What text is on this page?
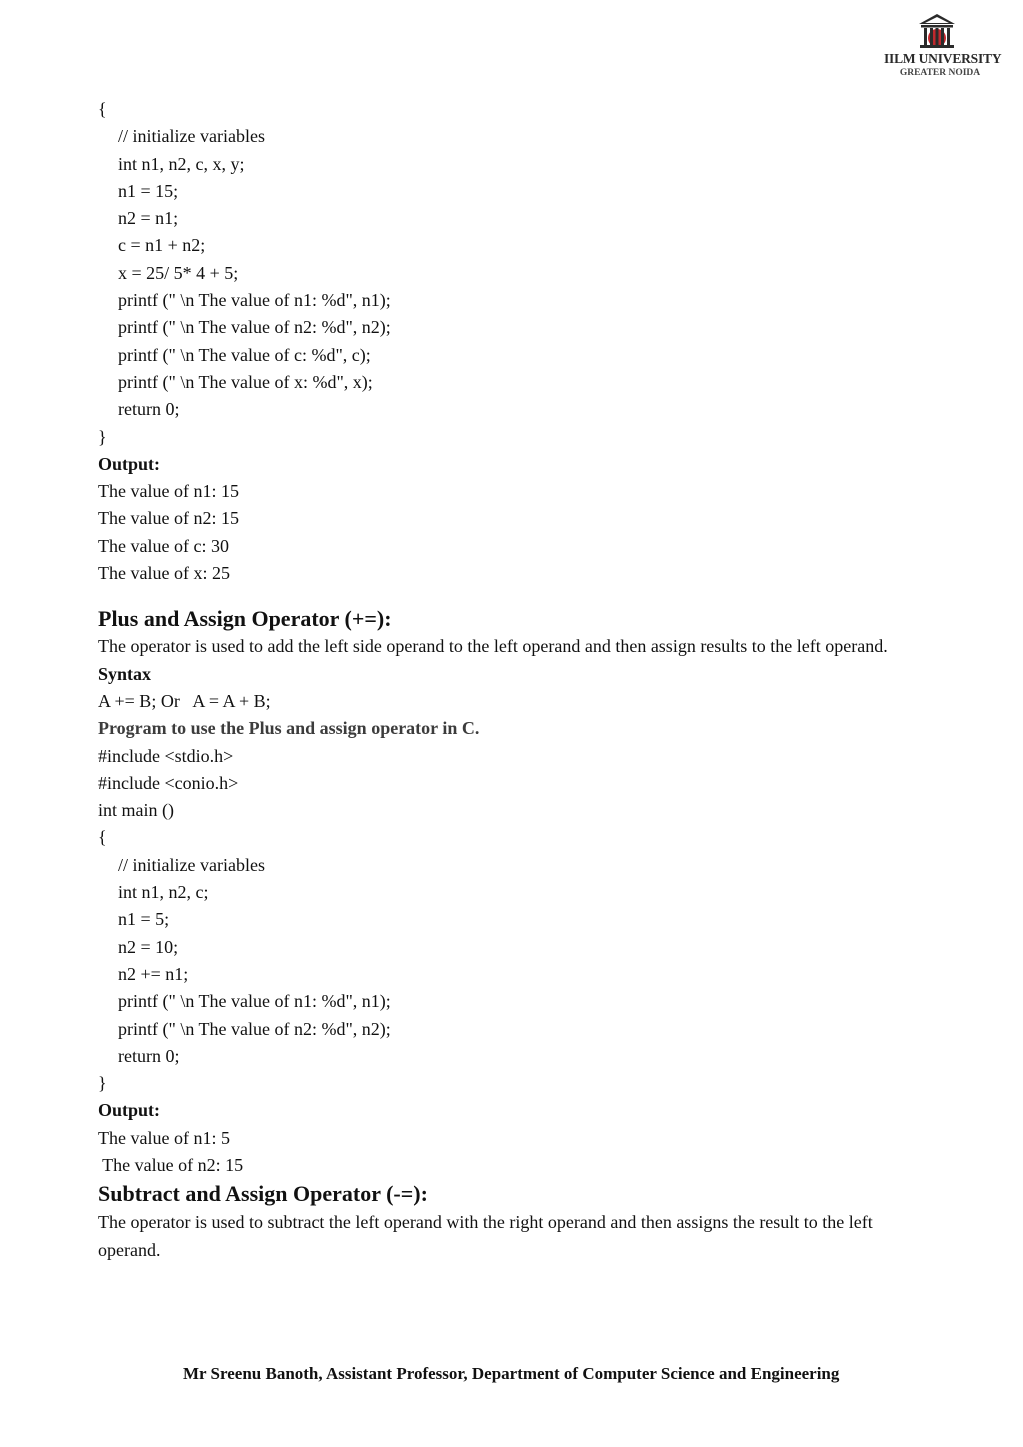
IILM UNIVERSITY
GREATER NOIDA
{
// initialize variables
int n1, n2, c, x, y;
n1 = 15;
n2 = n1;
c = n1 + n2;
x = 25/ 5* 4 + 5;
printf (" \n The value of n1: %d", n1);
printf (" \n The value of n2: %d", n2);
printf (" \n The value of c: %d", c);
printf (" \n The value of x: %d", x);
return 0;
}
Output:
The value of n1: 15
The value of n2: 15
The value of c: 30
The value of x: 25
Plus and Assign Operator (+=):
The operator is used to add the left side operand to the left operand and then assign results to the left operand.
Syntax
A += B; Or   A = A + B;
Program to use the Plus and assign operator in C.
#include <stdio.h>
#include <conio.h>
int main ()
{
// initialize variables
int n1, n2, c;
n1 = 5;
n2 = 10;
n2 += n1;
printf (" \n The value of n1: %d", n1);
printf (" \n The value of n2: %d", n2);
return 0;
}
Output:
The value of n1: 5
The value of n2: 15
Subtract and Assign Operator (-=):
The operator is used to subtract the left operand with the right operand and then assigns the result to the left operand.
Mr Sreenu Banoth, Assistant Professor, Department of Computer Science and Engineering
